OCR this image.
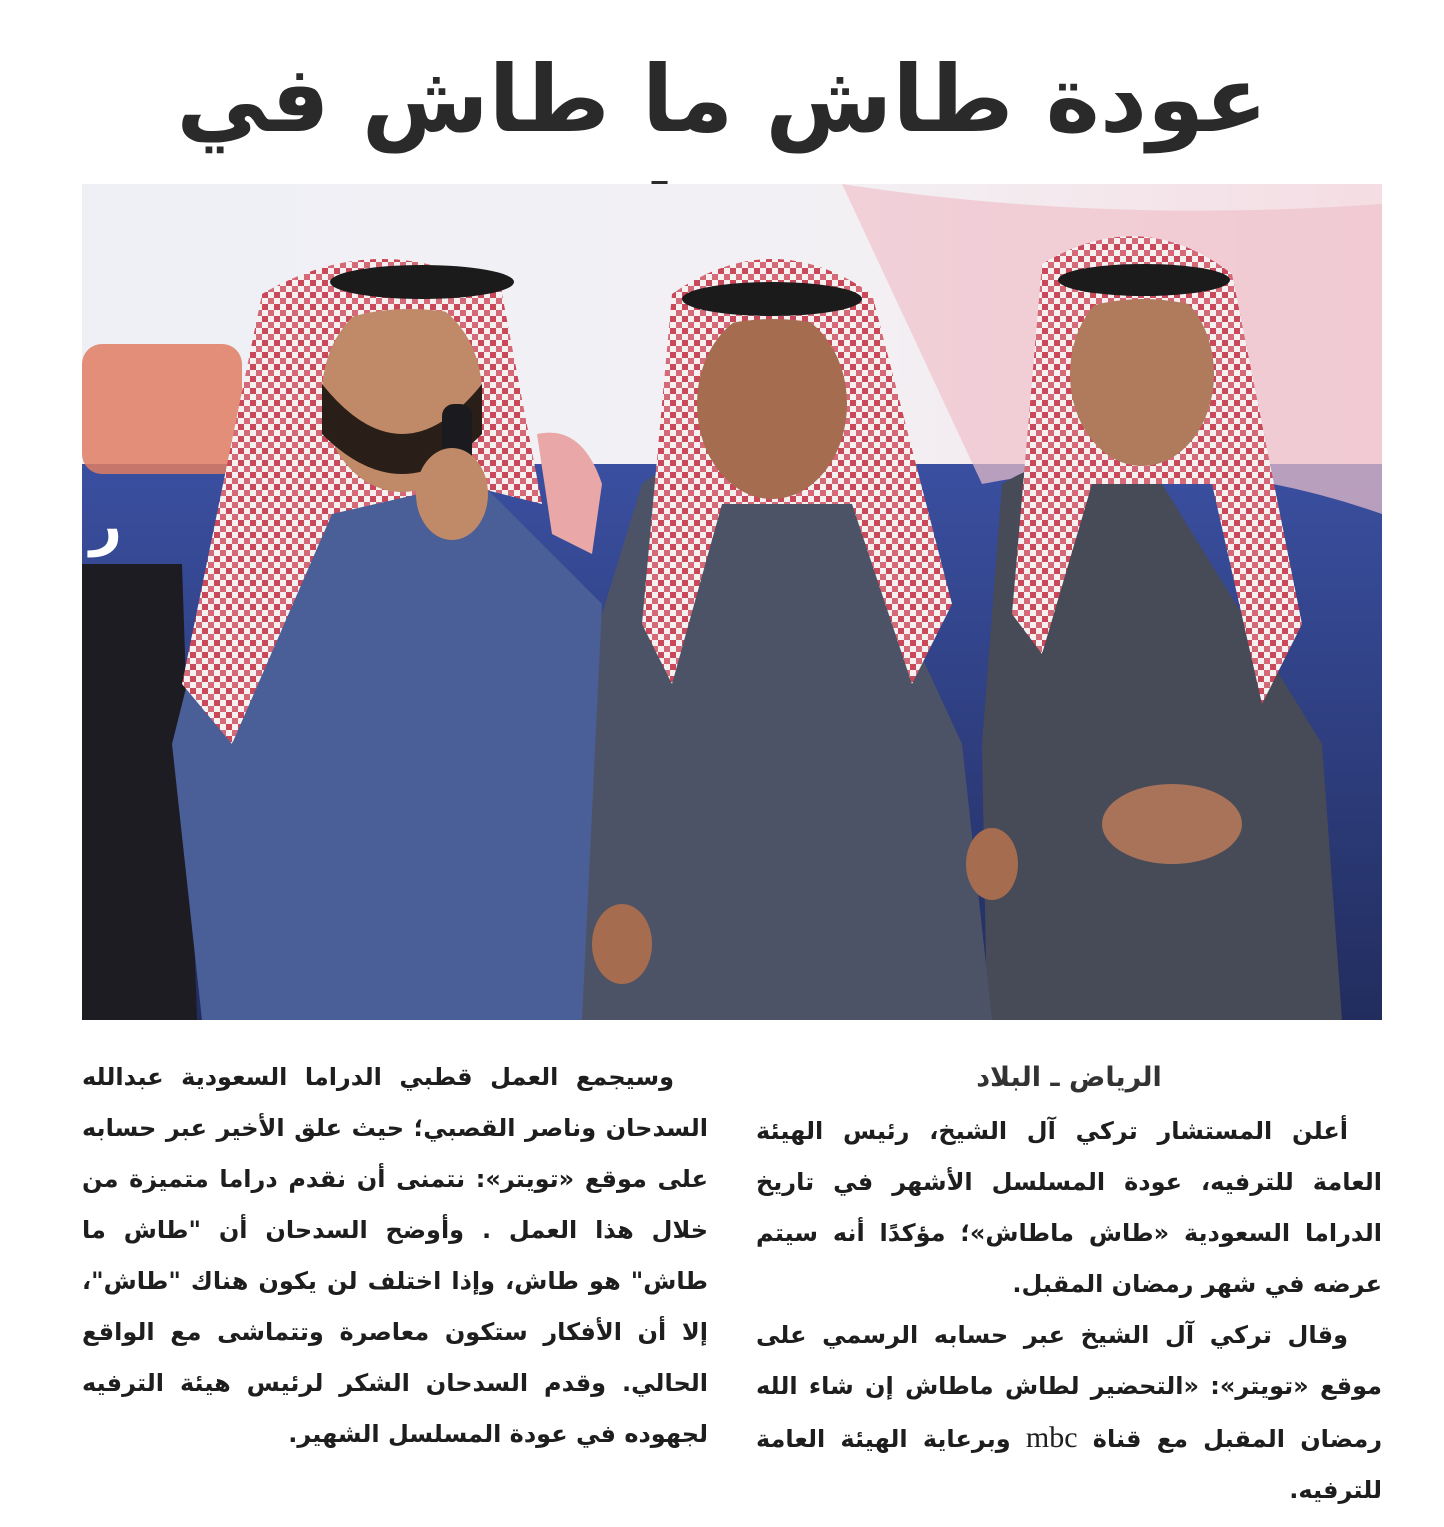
عودة طاش ما طاش في
ر ال
الرياض ـ البلاد

أعلن المستشار تركي آل الشيخ، رئيس الهيئة العامة للترفيه، عودة المسلسل الأشهر في تاريخ الدراما السعودية «طاش ماطاش»؛ مؤكدًا أنه سيتم عرضه في شهر رمضان المقبل.

وقال تركي آل الشيخ عبر حسابه الرسمي على موقع «تويتر»: «التحضير لطاش ماطاش إن شاء الله رمضان المقبل مع قناة mbc وبرعاية الهيئة العامة للترفيه.

وسيجمع العمل قطبي الدراما السعودية عبدالله السدحان وناصر القصبي؛ حيث علق الأخير عبر حسابه على موقع «تويتر»: نتمنى أن نقدم دراما متميزة من خلال هذا العمل . وأوضح السدحان أن "طاش ما طاش" هو طاش، وإذا اختلف لن يكون هناك "طاش"، إلا أن الأفكار ستكون معاصرة وتتماشى مع الواقع الحالي. وقدم السدحان الشكر لرئيس هيئة الترفيه لجهوده في عودة المسلسل الشهير.
